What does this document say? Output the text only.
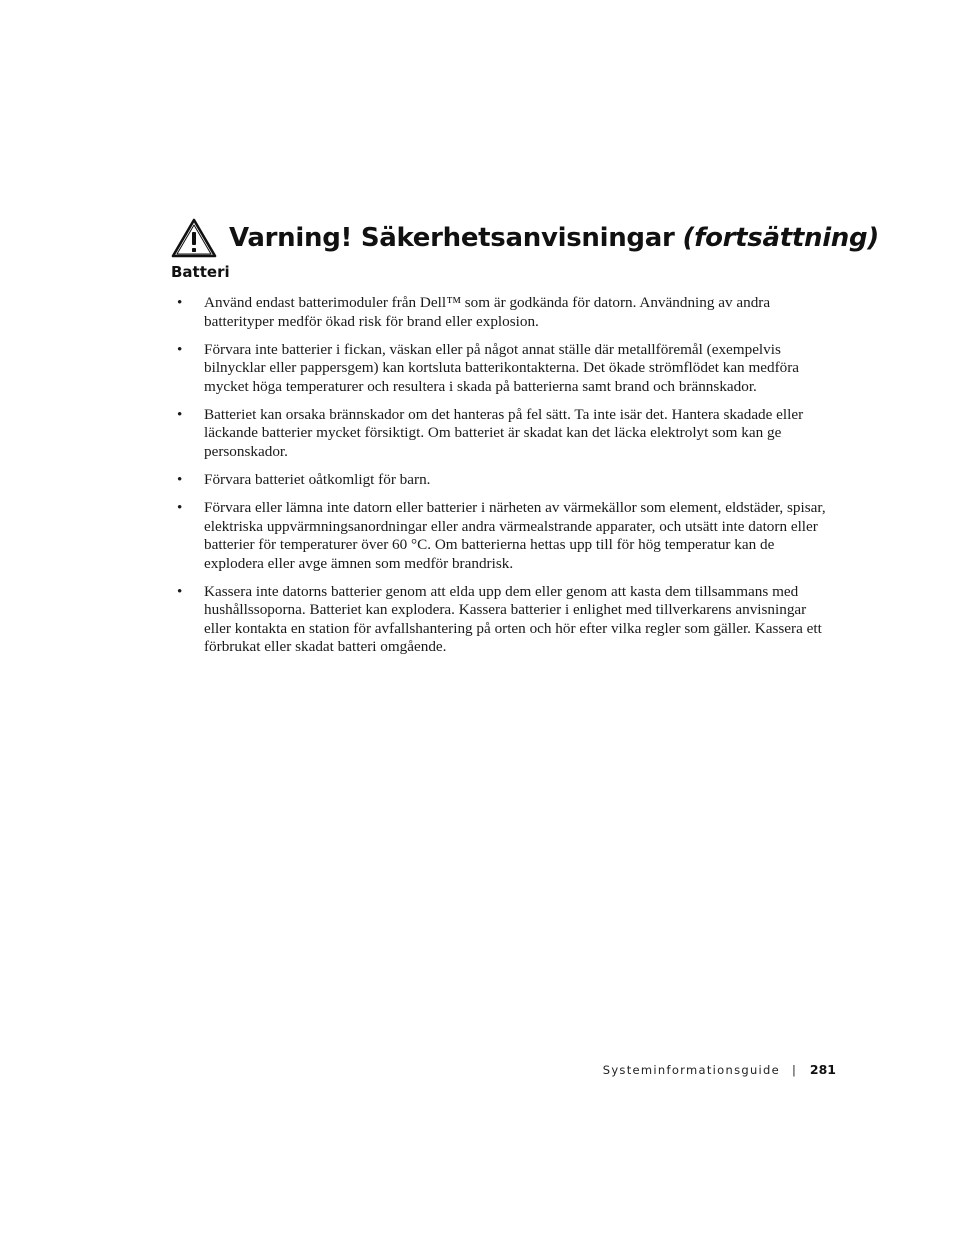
Varning! Säkerhetsanvisningar (fortsättning)
Batteri
• Använd endast batterimoduler från Dell™ som är godkända för datorn. Användning av andra batterityper medför ökad risk för brand eller explosion.
• Förvara inte batterier i fickan, väskan eller på något annat ställe där metallföremål (exempelvis bilnycklar eller pappersgem) kan kortsluta batterikontakterna. Det ökade strömflödet kan medföra mycket höga temperaturer och resultera i skada på batterierna samt brand och brännskador.
• Batteriet kan orsaka brännskador om det hanteras på fel sätt. Ta inte isär det. Hantera skadade eller läckande batterier mycket försiktigt. Om batteriet är skadat kan det läcka elektrolyt som kan ge personskador.
• Förvara batteriet oåtkomligt för barn.
• Förvara eller lämna inte datorn eller batterier i närheten av värmekällor som element, eldstäder, spisar, elektriska uppvärmningsanordningar eller andra värmealstrande apparater, och utsätt inte datorn eller batterier för temperaturer över 60 °C. Om batterierna hettas upp till för hög temperatur kan de explodera eller avge ämnen som medför brandrisk.
• Kassera inte datorns batterier genom att elda upp dem eller genom att kasta dem tillsammans med hushållssoporna. Batteriet kan explodera. Kassera batterier i enlighet med tillverkarens anvisningar eller kontakta en station för avfallshantering på orten och hör efter vilka regler som gäller. Kassera ett förbrukat eller skadat batteri omgående.
Systeminformationsguide | 281
